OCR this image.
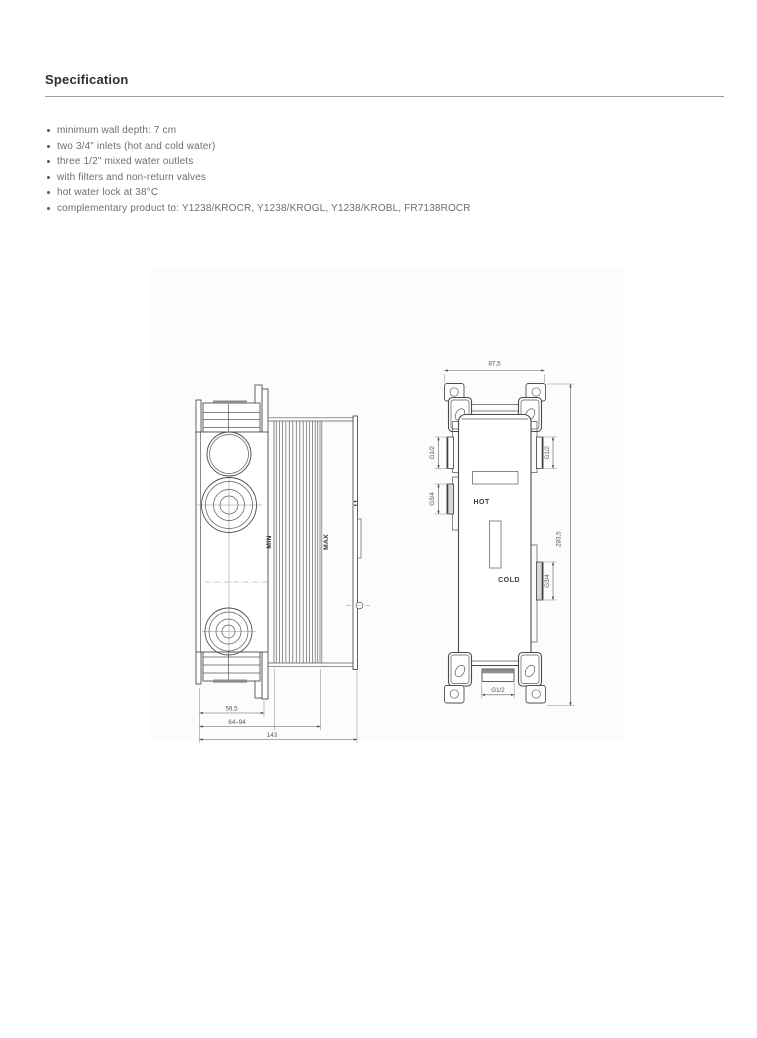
Specification
minimum wall depth: 7 cm
two 3/4" inlets (hot and cold water)
three 1/2" mixed water outlets
with filters and non-return valves
hot water lock at 38°C
complementary product to: Y1238/KROCR, Y1238/KROGL, Y1238/KROBL, FR7138ROCR
MIN	MAX
59,5
64–94
143
87,5
283,5
HOT
COLD
G1/2
G3/4
G1/2
G3/4
G1/2
